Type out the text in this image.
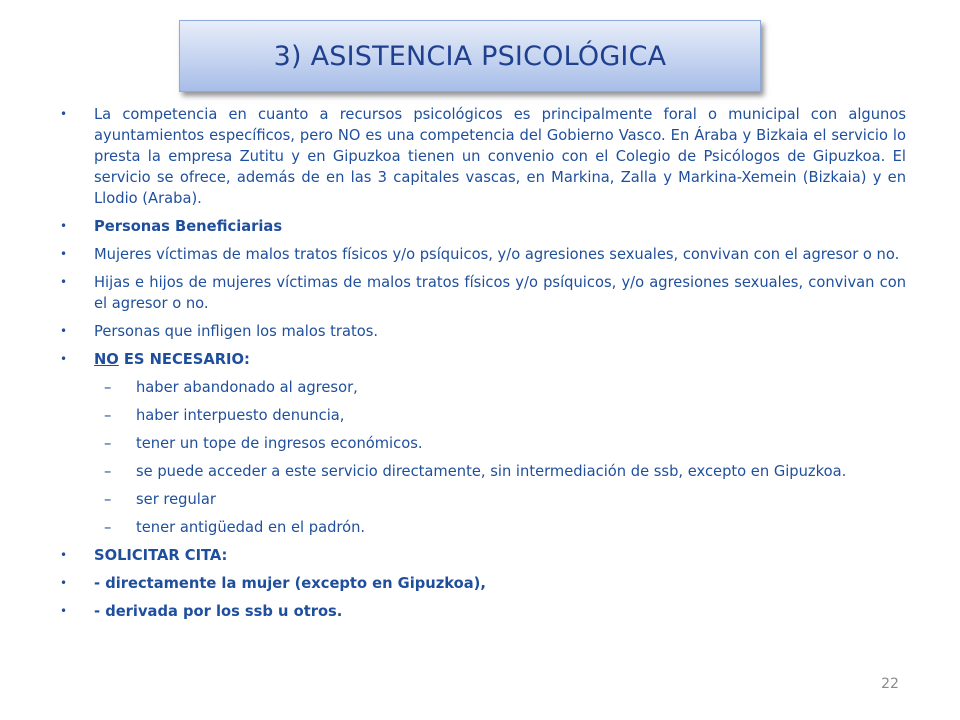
3) ASISTENCIA PSICOLÓGICA
• La competencia en cuanto a recursos psicológicos es principalmente foral o municipal con algunos ayuntamientos específicos, pero NO es una competencia del Gobierno Vasco. En Áraba y Bizkaia el servicio lo presta la empresa Zutitu y en Gipuzkoa tienen un convenio con el Colegio de Psicólogos de Gipuzkoa. El servicio se ofrece, además de en las 3 capitales vascas, en Markina, Zalla y Markina-Xemein (Bizkaia) y en Llodio (Araba).
• Personas Beneficiarias
• Mujeres víctimas de malos tratos físicos y/o psíquicos, y/o agresiones sexuales, convivan con el agresor o no.
• Hijas e hijos de mujeres víctimas de malos tratos físicos y/o psíquicos, y/o agresiones sexuales, convivan con el agresor o no.
• Personas que infligen los malos tratos.
• NO ES NECESARIO:
– haber abandonado al agresor,
– haber interpuesto denuncia,
– tener un tope de ingresos económicos.
– se puede acceder a este servicio directamente, sin intermediación de ssb, excepto en Gipuzkoa.
– ser regular
– tener antigüedad en el padrón.
• SOLICITAR CITA:
• - directamente la mujer (excepto en Gipuzkoa),
• - derivada por los ssb u otros.
22
